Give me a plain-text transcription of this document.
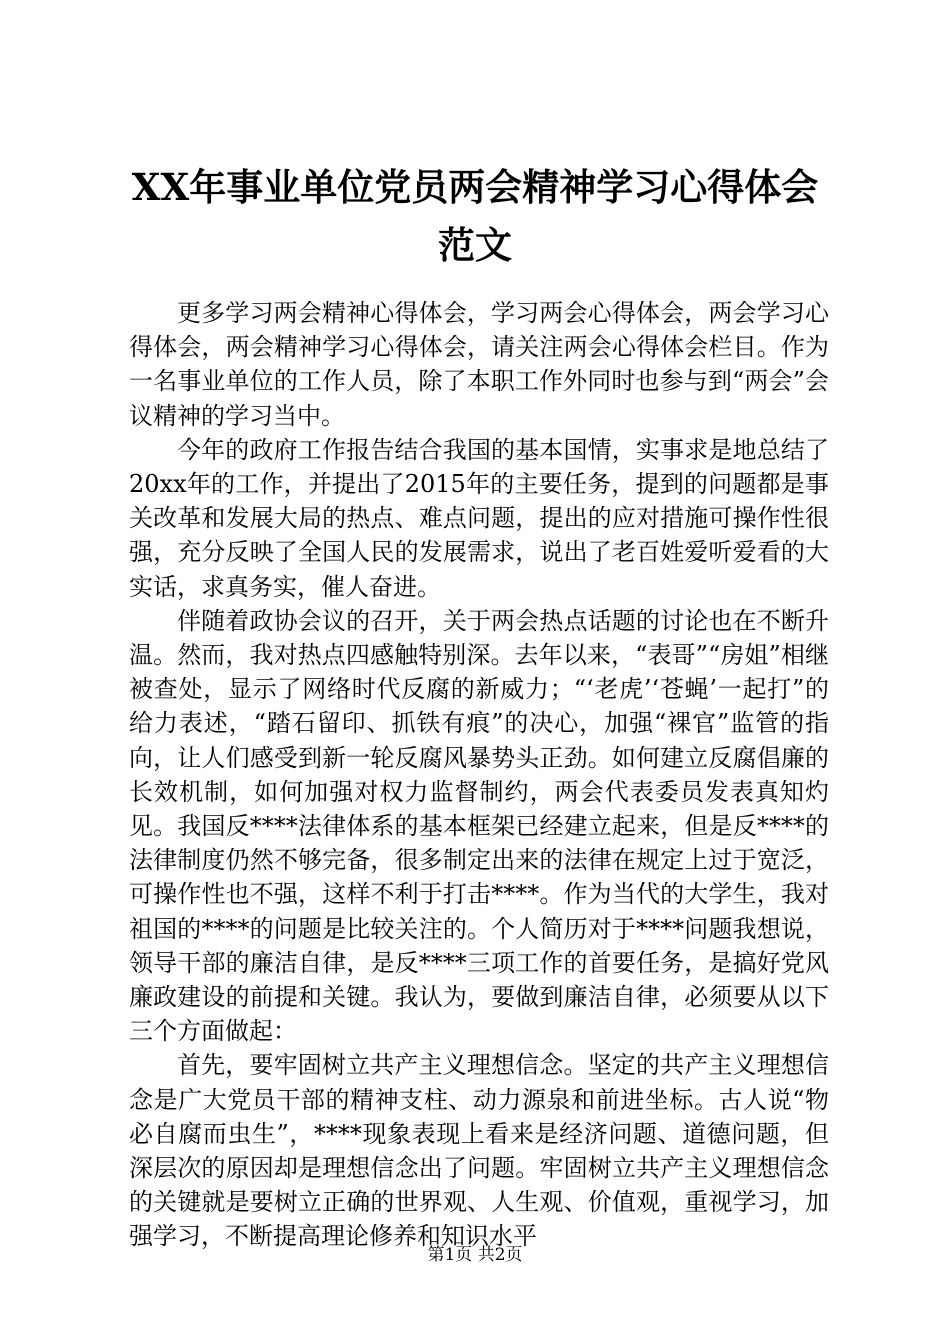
XX年事业单位党员两会精神学习心得体会范文

更多学习两会精神心得体会，学习两会心得体会，两会学习心得体会，两会精神学习心得体会，请关注两会心得体会栏目。作为一名事业单位的工作人员，除了本职工作外同时也参与到“两会”会议精神的学习当中。

今年的政府工作报告结合我国的基本国情，实事求是地总结了20xx年的工作，并提出了2015年的主要任务，提到的问题都是事关改革和发展大局的热点、难点问题，提出的应对措施可操作性很强，充分反映了全国人民的发展需求，说出了老百姓爱听爱看的大实话，求真务实，催人奋进。

伴随着政协会议的召开，关于两会热点话题的讨论也在不断升温。然而，我对热点四感触特别深。去年以来，“表哥”“房姐”相继被查处，显示了网络时代反腐的新威力；“‘老虎’‘苍蝇’一起打”的给力表述，“踏石留印、抓铁有痕”的决心，加强“裸官”监管的指向，让人们感受到新一轮反腐风暴势头正劲。如何建立反腐倡廉的长效机制，如何加强对权力监督制约，两会代表委员发表真知灼见。我国反****法律体系的基本框架已经建立起来，但是反****的法律制度仍然不够完备，很多制定出来的法律在规定上过于宽泛，可操作性也不强，这样不利于打击****。作为当代的大学生，我对祖国的****的问题是比较关注的。个人简历对于****问题我想说，领导干部的廉洁自律，是反****三项工作的首要任务，是搞好党风廉政建设的前提和关键。我认为，要做到廉洁自律，必须要从以下三个方面做起：

首先，要牢固树立共产主义理想信念。坚定的共产主义理想信念是广大党员干部的精神支柱、动力源泉和前进坐标。古人说“物必自腐而虫生”，****现象表现上看来是经济问题、道德问题，但深层次的原因却是理想信念出了问题。牢固树立共产主义理想信念的关键就是要树立正确的世界观、人生观、价值观，重视学习，加强学习，不断提高理论修养和知识水平

第1页 共2页
